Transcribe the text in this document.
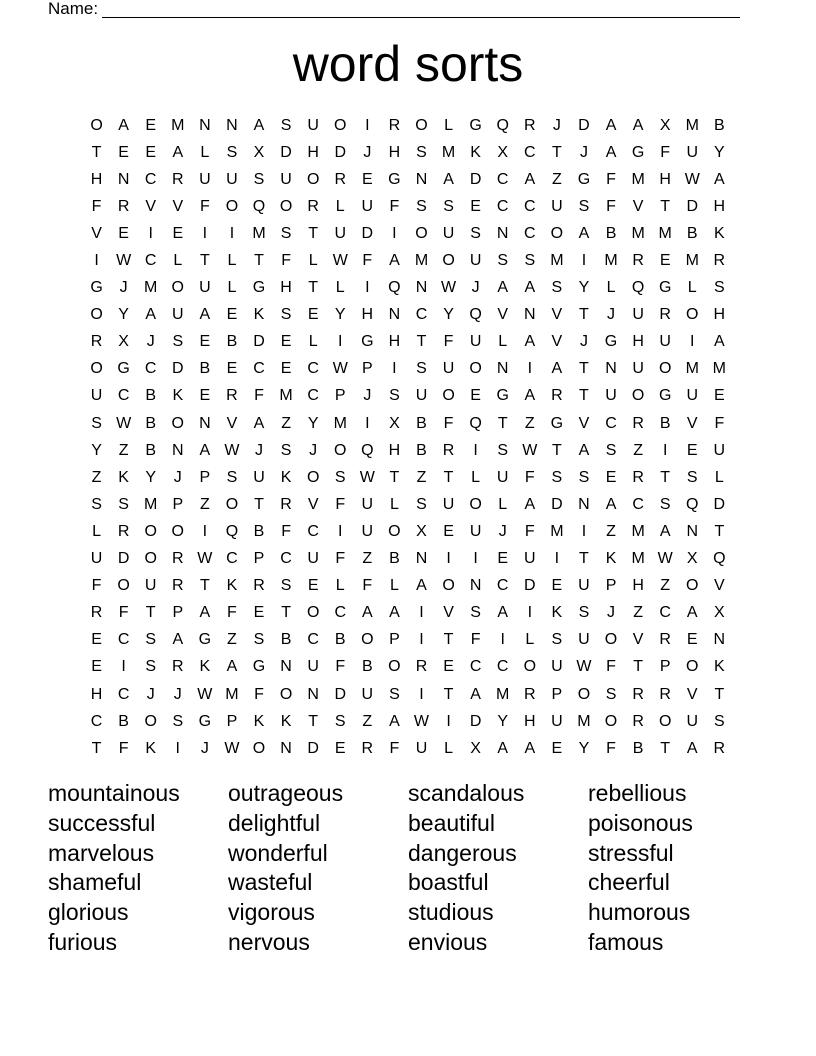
Name:
word sorts
O A	E M N N A	S U O	I	R O	L	G Q R	J	D A	A	X M B
T	E	E	A	L	S	X D H D	J	H S M K	X C	T	J	A G F	U Y
H N C R U U S U O R E G N A D C A	Z G F M H W A
F	R V	V	F O Q O R	L	U	F	S	S	E C C U S	F	V	T	D H
V	E	I	E	I	I	M S	T	U D	I	O U S N C O A	B M M B	K
I	W C	L	T	L	T	F	L W F	A M O U S	S M	I	M R E M R
G	J	M O U	L	G H	T	L	I	Q N W J	A	A	S	Y	L	Q G	L	S
O Y	A U A	E	K	S	E	Y H N C Y Q V N V	T	J	U R O H
R X	J	S	E	B D E	L	I	G H	T	F	U	L	A	V	J	G H U	I	A
O G C D B	E C E C W P	I	S U O N	I	A	T	N U O M M
U C B	K	E R	F M C P	J	S U O E G A R	T	U O G U E
S W B O N V	A	Z	Y M	I	X	B	F Q T	Z G V C R B	V	F
Y	Z	B N A W J	S	J	O Q H B R	I	S W T	A	S	Z	I	E U
Z	K	Y	J	P	S U K O S W T	Z	T	L	U	F	S	S	E R	T	S	L
S	S M P	Z O T	R V	F	U	L	S U O	L	A D N A C S Q D
L	R O O	I	Q B	F	C	I	U O X	E U	J	F M	I	Z M A N	T
U D O R W C P C U	F	Z	B N	I	I	E U	I	T	K M W X Q
F O U R	T	K R S	E	L	F	L	A O N C D E U P H	Z O V
R	F	T	P	A	F	E	T O C A	A	I	V	S	A	I	K	S	J	Z	C A	X
E C S	A G Z	S	B C B O P	I	T	F	I	L	S U O V R E N
E	I	S R K	A G N U	F	B O R E C C O U W F	T	P O K
H C	J	J W M F O N D U S	I	T	A M R P O S R R V	T
C B O S G P	K	K	T	S	Z	A W	I	D Y H U M O R O U S
T	F	K	I	J W O N D E R	F	U	L	X	A	A	E	Y	F	B	T	A R
mountainous	outrageous	scandalous	rebellious
successful	delightful	beautiful	poisonous
marvelous	wonderful	dangerous	stressful
shameful	wasteful	boastful	cheerful
glorious	vigorous	studious	humorous
furious	nervous	envious	famous
